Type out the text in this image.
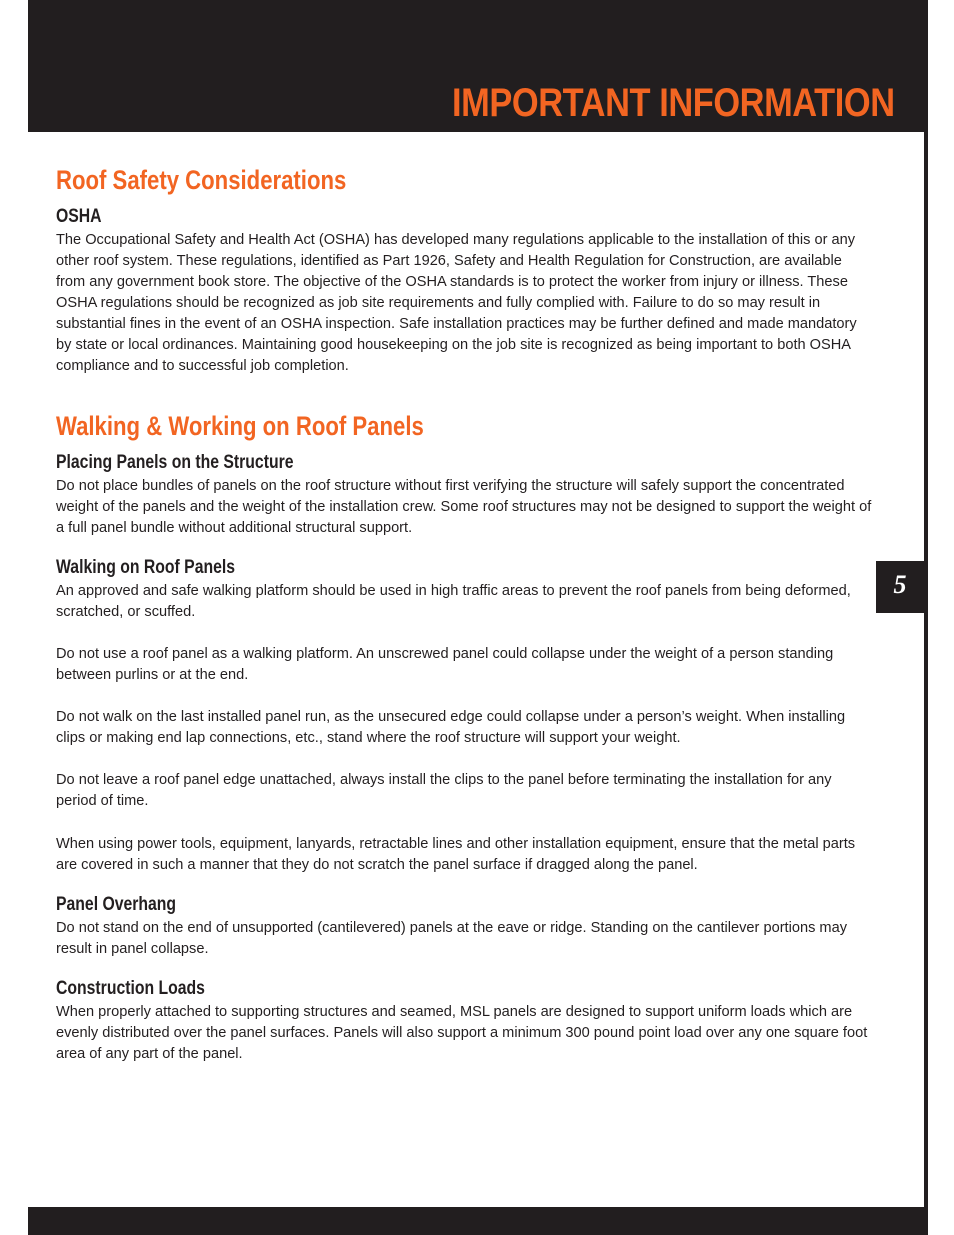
IMPORTANT INFORMATION
5
Roof Safety Considerations
OSHA

The Occupational Safety and Health Act (OSHA) has developed many regulations applicable to the installation of this or any other roof system. These regulations, identified as Part 1926, Safety and Health Regulation for Construction, are available from any government book store. The objective of the OSHA standards is to protect the worker from injury or illness. These OSHA regulations should be recognized as job site requirements and fully complied with. Failure to do so may result in substantial fines in the event of an OSHA inspection. Safe installation practices may be further defined and made mandatory by state or local ordinances. Maintaining good housekeeping on the job site is recognized as being important to both OSHA compliance and to successful job completion.

Walking & Working on Roof Panels
Placing Panels on the Structure

Do not place bundles of panels on the roof structure without first verifying the structure will safely support the concentrated weight of the panels and the weight of the installation crew. Some roof structures may not be designed to support the weight of a full panel bundle without additional structural support.

Walking on Roof Panels

An approved and safe walking platform should be used in high traffic areas to prevent the roof panels from being deformed, scratched, or scuffed.

Do not use a roof panel as a walking platform. An unscrewed panel could collapse under the weight of a person standing between purlins or at the end.

Do not walk on the last installed panel run, as the unsecured edge could collapse under a person’s weight. When installing clips or making end lap connections, etc., stand where the roof structure will support your weight.

Do not leave a roof panel edge unattached, always install the clips to the panel before terminating the installation for any period of time.

When using power tools, equipment, lanyards, retractable lines and other installation equipment, ensure that the metal parts are covered in such a manner that they do not scratch the panel surface if dragged along the panel.

Panel Overhang

Do not stand on the end of unsupported (cantilevered) panels at the eave or ridge. Standing on the cantilever portions may result in panel collapse.

Construction Loads

When properly attached to supporting structures and seamed, MSL panels are designed to support uniform loads which are evenly distributed over the panel surfaces. Panels will also support a minimum 300 pound point load over any one square foot area of any part of the panel.
